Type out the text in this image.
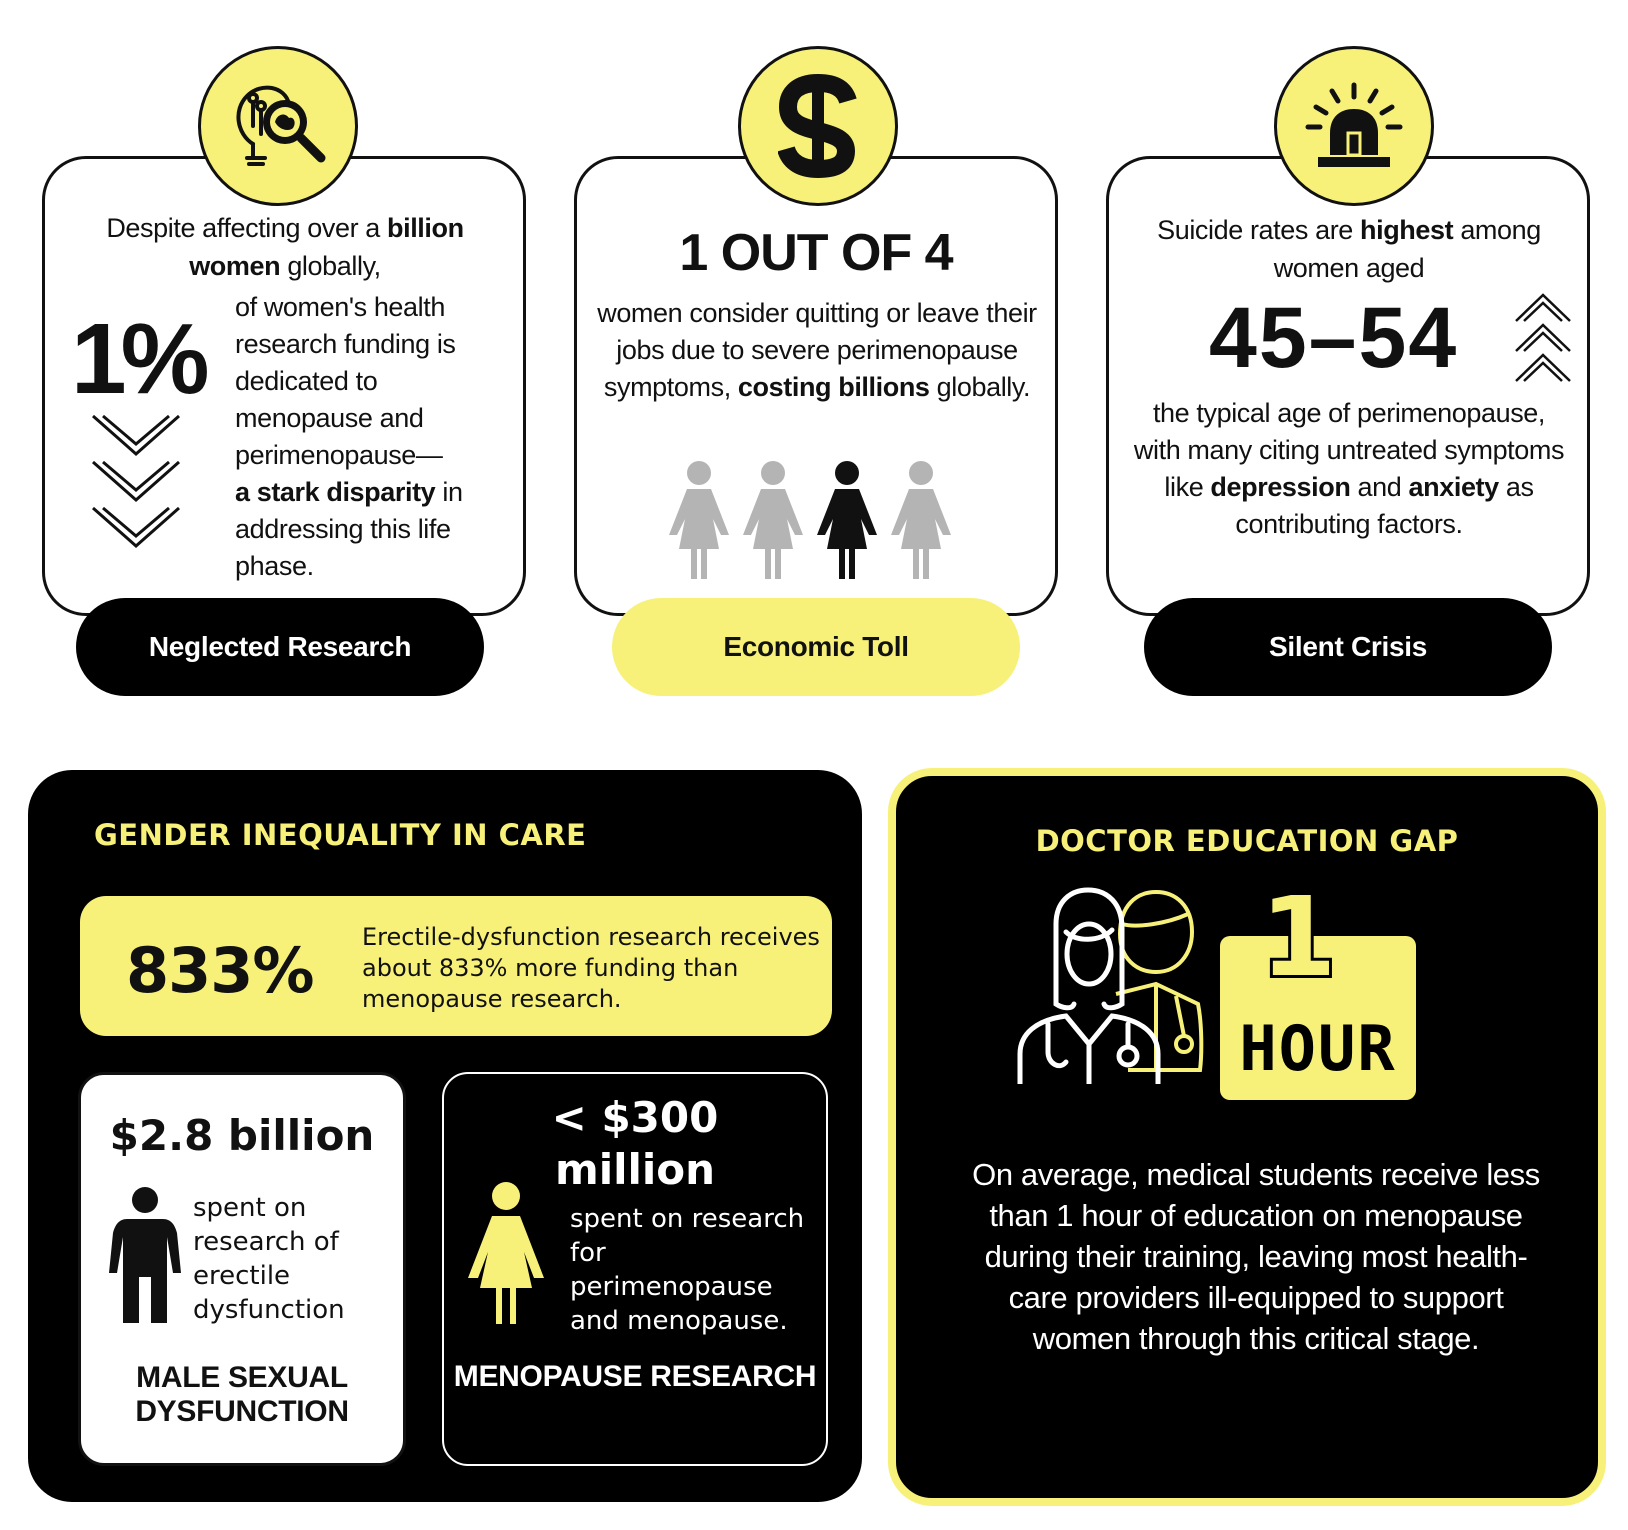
Despite affecting over a billion women globally,
1% of women's health research funding is dedicated to menopause and perimenopause—
a stark disparity in addressing this life phase.
Neglected Research
1 OUT OF 4
women consider quitting or leave their jobs due to severe perimenopause symptoms, costing billions globally.
Economic Toll
Suicide rates are highest among women aged
45–54
the typical age of perimenopause, with many citing untreated symptoms like depression and anxiety as contributing factors.
Silent Crisis
GENDER INEQUALITY IN CARE
833% Erectile-dysfunction research receives about 833% more funding than menopause research.
$2.8 billion
spent on research of erectile dysfunction
MALE SEXUAL DYSFUNCTION
< $300
million
spent on research for perimenopause and menopause.
MENOPAUSE RESEARCH
DOCTOR EDUCATION GAP
HOUR
1
On average, medical students receive less than 1 hour of education on menopause during their training, leaving most health-care providers ill-equipped to support women through this critical stage.
